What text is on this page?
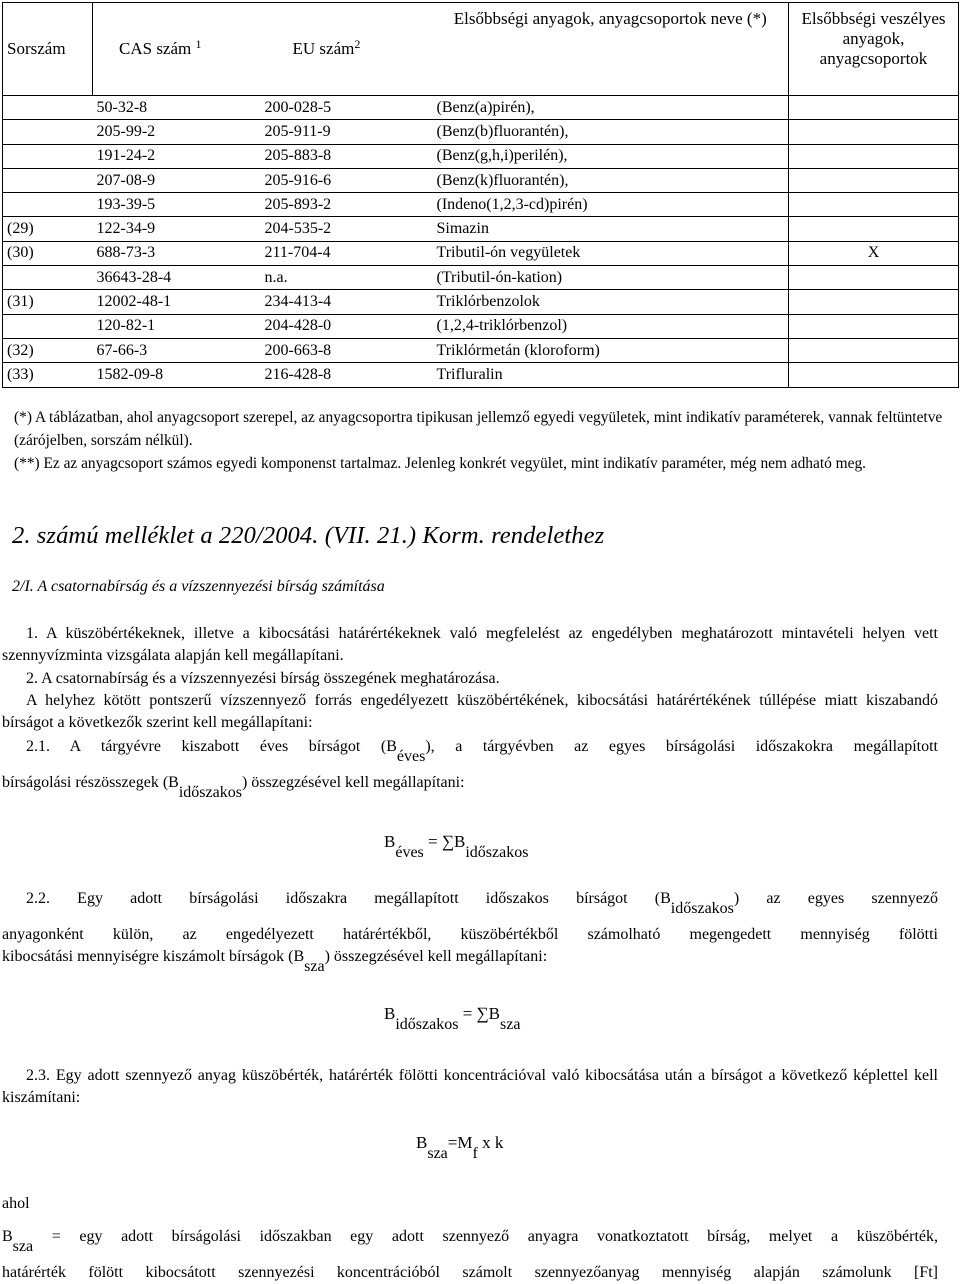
Sorszám	CAS szám $^1$	EU szám$^2$	Elsőbbségi anyagok, anyagcsoportok neve (*)	Elsőbbségi veszélyes anyagok, anyagcsoportok
	50-32-8	200-028-5	(Benz(a)pirén),	
	205-99-2	205-911-9	(Benz(b)fluorantén),	
	191-24-2	205-883-8	(Benz(g,h,i)perilén),	
	207-08-9	205-916-6	(Benz(k)fluorantén),	
	193-39-5	205-893-2	(Indeno(1,2,3-cd)pirén)	
(29)	122-34-9	204-535-2	Simazin	
(30)	688-73-3	211-704-4	Tributil-ón vegyületek	X
	36643-28-4	n.a.	(Tributil-ón-kation)	
(31)	12002-48-1	234-413-4	Triklórbenzolok	
	120-82-1	204-428-0	(1,2,4-triklórbenzol)	
(32)	67-66-3	200-663-8	Triklórmetán (kloroform)	
(33)	1582-09-8	216-428-8	Trifluralin	

(*) A táblázatban, ahol anyagcsoport szerepel, az anyagcsoportra tipikusan jellemző egyedi vegyületek, mint indikatív paraméterek, vannak feltüntetve (zárójelben, sorszám nélkül).

(**) Ez az anyagcsoport számos egyedi komponenst tartalmaz. Jelenleg konkrét vegyület, mint indikatív paraméter, még nem adható meg.

2. számú melléklet a 220/2004. (VII. 21.) Korm. rendelethez
2/I. A csatornabírság és a vízszennyezési bírság számítása

1. A küszöbértékeknek, illetve a kibocsátási határértékeknek való megfelelést az engedélyben meghatározott mintavételi helyen vett szennyvízminta vizsgálata alapján kell megállapítani.

2. A csatornabírság és a vízszennyezési bírság összegének meghatározása.

A helyhez kötött pontszerű vízszennyező forrás engedélyezett küszöbértékének, kibocsátási határértékének túllépése miatt kiszabandó bírságot a következők szerint kell megállapítani:

2.1. A tárgyévre kiszabott éves bírságot (Béves), a tárgyévben az egyes bírságolási időszakokra megállapított

bírságolási részösszegek (Bidőszakos) összegzésével kell megállapítani:

Béves = ∑Bidőszakos

2.2. Egy adott bírságolási időszakra megállapított időszakos bírságot (Bidőszakos) az egyes szennyező

anyagonként külön, az engedélyezett határértékből, küszöbértékből számolható megengedett mennyiség fölötti

kibocsátási mennyiségre kiszámolt bírságok (Bsza) összegzésével kell megállapítani:

Bidőszakos = ∑Bsza

2.3. Egy adott szennyező anyag küszöbérték, határérték fölötti koncentrációval való kibocsátása után a bírságot a következő képlettel kell kiszámítani:

Bsza=Mf x k

ahol

Bsza = egy adott bírságolási időszakban egy adott szennyező anyagra vonatkoztatott bírság, melyet a küszöbérték,

határérték fölött kibocsátott szennyezési koncentrációból számolt szennyezőanyag mennyiség alapján számolunk [Ft]
